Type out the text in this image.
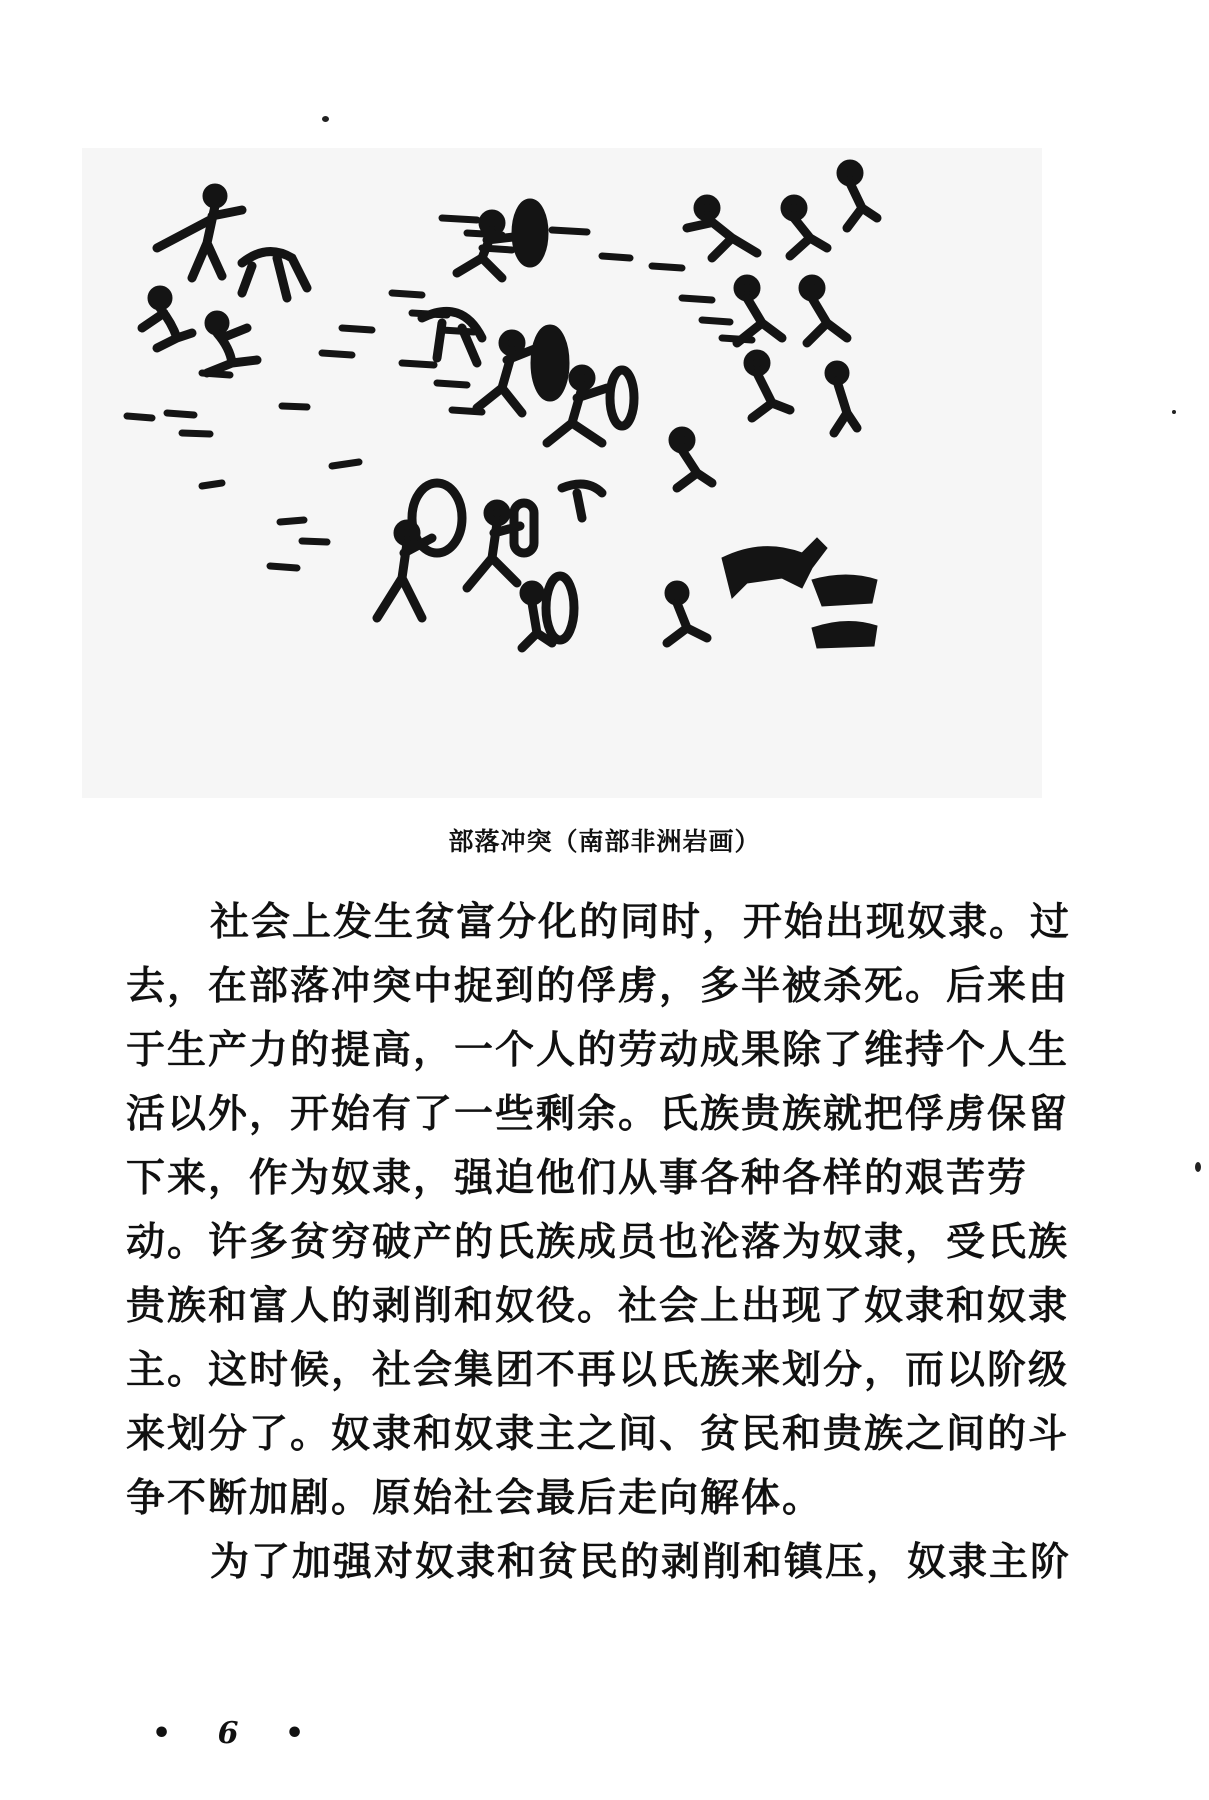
部落冲突（南部非洲岩画）

社会上发生贫富分化的同时，开始出现奴隶。过去，在部落冲突中捉到的俘虏，多半被杀死。后来由于生产力的提高，一个人的劳动成果除了维持个人生活以外，开始有了一些剩余。氏族贵族就把俘虏保留下来，作为奴隶，强迫他们从事各种各样的艰苦劳动。许多贫穷破产的氏族成员也沦落为奴隶，受氏族贵族和富人的剥削和奴役。社会上出现了奴隶和奴隶主。这时候，社会集团不再以氏族来划分，而以阶级来划分了。奴隶和奴隶主之间、贫民和贵族之间的斗争不断加剧。原始社会最后走向解体。

为了加强对奴隶和贫民的剥削和镇压，奴隶主阶

• 6 •
